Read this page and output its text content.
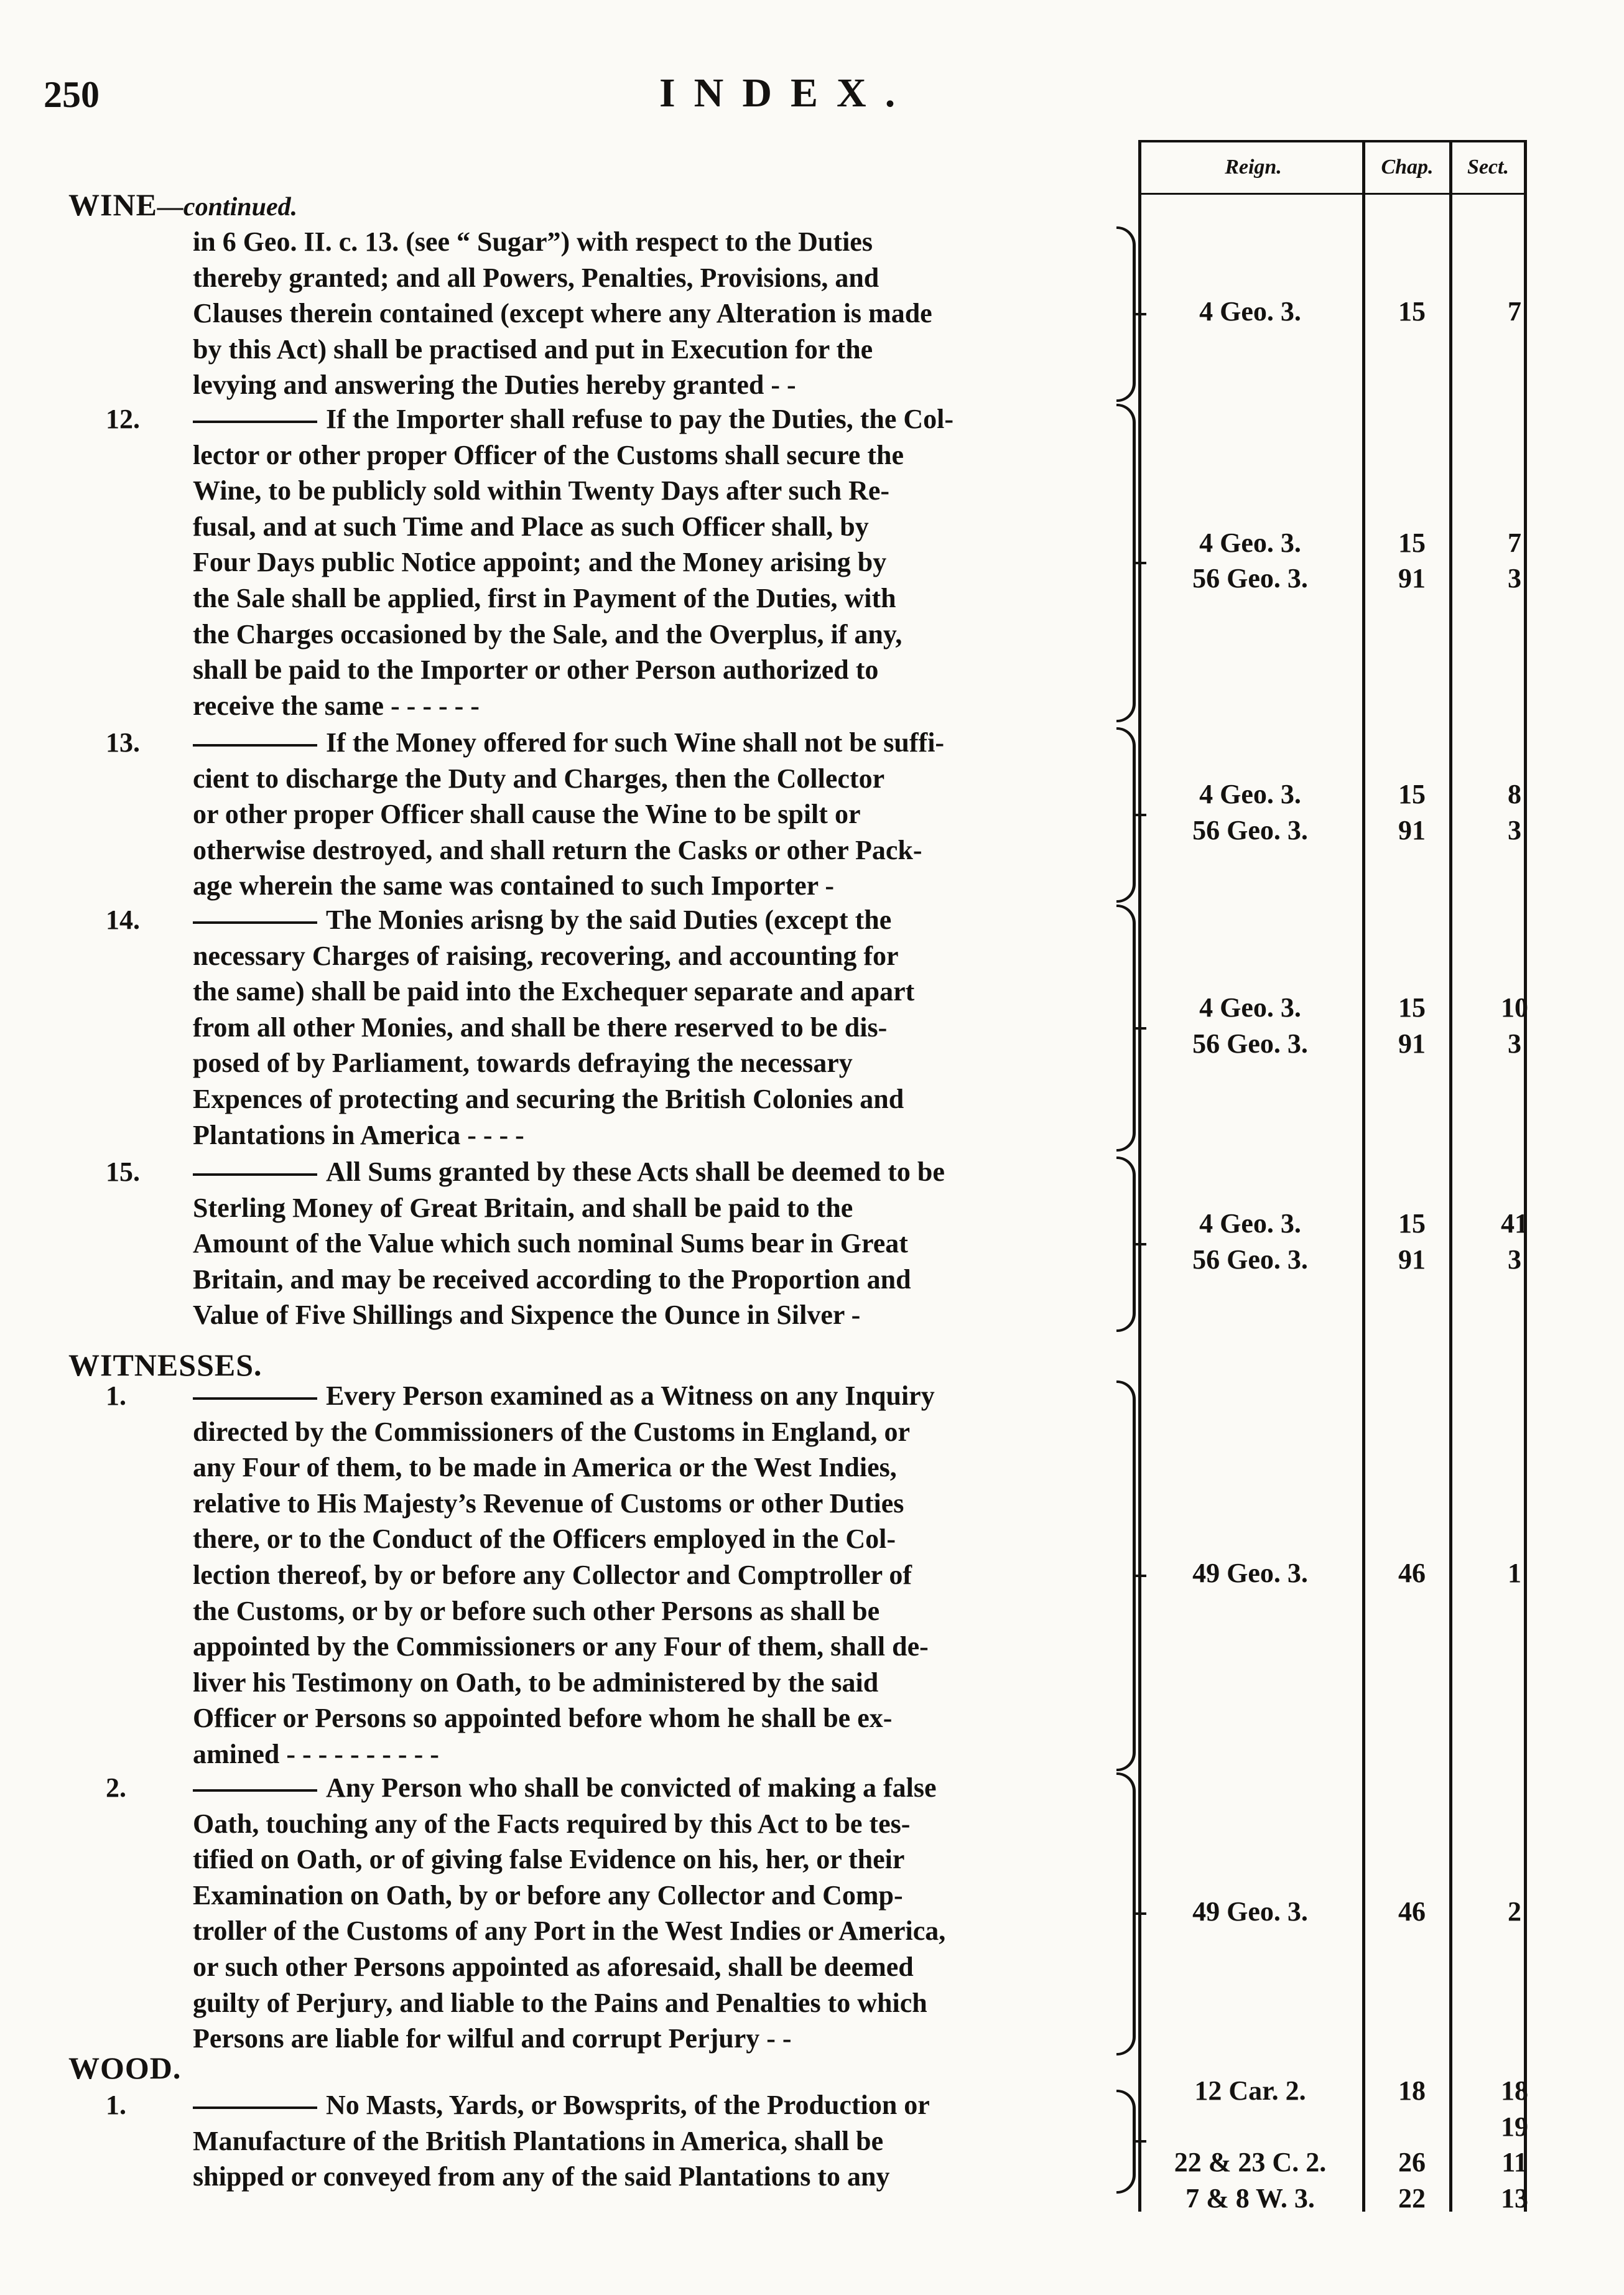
250	INDEX.
Reign.	Chap.	Sect.
WINE—continued.
WITNESSES.
WOOD.
in 6 Geo. II. c. 13. (see “ Sugar”) with respect to the Duties
thereby granted; and all Powers, Penalties, Provisions, and
Clauses therein contained (except where any Alteration is made
by this Act) shall be practised and put in Execution for the
levying and answering the Duties hereby granted - -
4 Geo. 3.	15	7
12.	If the Importer shall refuse to pay the Duties, the Col-
lector or other proper Officer of the Customs shall secure the
Wine, to be publicly sold within Twenty Days after such Re-
fusal, and at such Time and Place as such Officer shall, by
Four Days public Notice appoint; and the Money arising by
the Sale shall be applied, first in Payment of the Duties, with
the Charges occasioned by the Sale, and the Overplus, if any,
shall be paid to the Importer or other Person authorized to
receive the same - - - - - -
4 Geo. 3.	15	7
56 Geo. 3.	91	3
13.	If the Money offered for such Wine shall not be suffi-
cient to discharge the Duty and Charges, then the Collector
or other proper Officer shall cause the Wine to be spilt or
otherwise destroyed, and shall return the Casks or other Pack-
age wherein the same was contained to such Importer -
4 Geo. 3.	15	8
56 Geo. 3.	91	3
14.	The Monies arisng by the said Duties (except the
necessary Charges of raising, recovering, and accounting for
the same) shall be paid into the Exchequer separate and apart
from all other Monies, and shall be there reserved to be dis-
posed of by Parliament, towards defraying the necessary
Expences of protecting and securing the British Colonies and
Plantations in America - - - -
4 Geo. 3.	15	10
56 Geo. 3.	91	3
15.	All Sums granted by these Acts shall be deemed to be
Sterling Money of Great Britain, and shall be paid to the
Amount of the Value which such nominal Sums bear in Great
Britain, and may be received according to the Proportion and
Value of Five Shillings and Sixpence the Ounce in Silver -
4 Geo. 3.	15	41
56 Geo. 3.	91	3
1.	Every Person examined as a Witness on any Inquiry
directed by the Commissioners of the Customs in England, or
any Four of them, to be made in America or the West Indies,
relative to His Majesty’s Revenue of Customs or other Duties
there, or to the Conduct of the Officers employed in the Col-
lection thereof, by or before any Collector and Comptroller of
the Customs, or by or before such other Persons as shall be
appointed by the Commissioners or any Four of them, shall de-
liver his Testimony on Oath, to be administered by the said
Officer or Persons so appointed before whom he shall be ex-
amined - - - - - - - - - -
49 Geo. 3.	46	1
2.	Any Person who shall be convicted of making a false
Oath, touching any of the Facts required by this Act to be tes-
tified on Oath, or of giving false Evidence on his, her, or their
Examination on Oath, by or before any Collector and Comp-
troller of the Customs of any Port in the West Indies or America,
or such other Persons appointed as aforesaid, shall be deemed
guilty of Perjury, and liable to the Pains and Penalties to which
Persons are liable for wilful and corrupt Perjury - -
49 Geo. 3.	46	2
1.	No Masts, Yards, or Bowsprits, of the Production or
Manufacture of the British Plantations in America, shall be
shipped or conveyed from any of the said Plantations to any
12 Car. 2.	18	18
19
22 & 23 C. 2.	26	11
7 & 8 W. 3.	22	13
